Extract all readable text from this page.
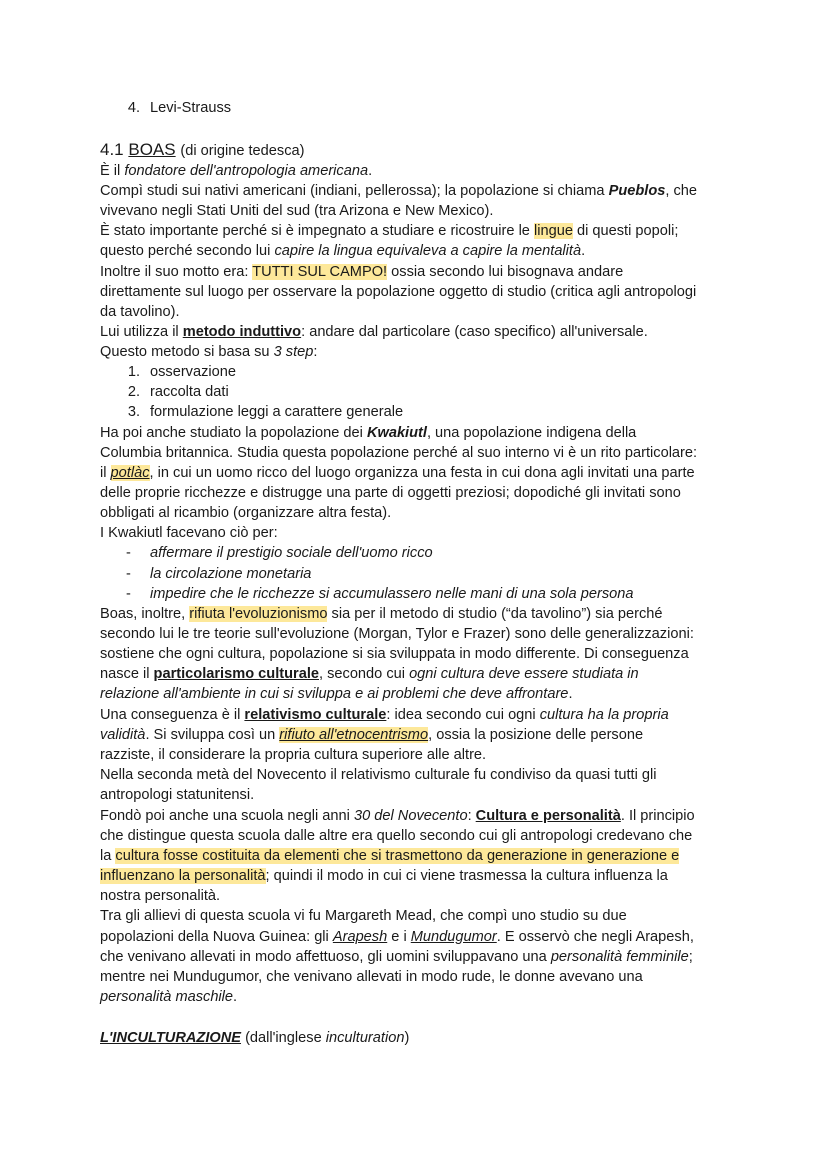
4. Levi-Strauss
4.1 BOAS (di origine tedesca)
È il fondatore dell'antropologia americana.
Compì studi sui nativi americani (indiani, pellerossa); la popolazione si chiama Pueblos, che
vivevano negli Stati Uniti del sud (tra Arizona e New Mexico).
È stato importante perché si è impegnato a studiare e ricostruire le lingue di questi popoli;
questo perché secondo lui capire la lingua equivaleva a capire la mentalità.
Inoltre il suo motto era: TUTTI SUL CAMPO! ossia secondo lui bisognava andare
direttamente sul luogo per osservare la popolazione oggetto di studio (critica agli antropologi
da tavolino).
Lui utilizza il metodo induttivo: andare dal particolare (caso specifico) all'universale.
Questo metodo si basa su 3 step:
1. osservazione
2. raccolta dati
3. formulazione leggi a carattere generale
Ha poi anche studiato la popolazione dei Kwakiutl, una popolazione indigena della
Columbia britannica. Studia questa popolazione perché al suo interno vi è un rito particolare:
il potlàc, in cui un uomo ricco del luogo organizza una festa in cui dona agli invitati una parte
delle proprie ricchezze e distrugge una parte di oggetti preziosi; dopodiché gli invitati sono
obbligati al ricambio (organizzare altra festa).
I Kwakiutl facevano ciò per:
- affermare il prestigio sociale dell'uomo ricco
- la circolazione monetaria
- impedire che le ricchezze si accumulassero nelle mani di una sola persona
Boas, inoltre, rifiuta l'evoluzionismo sia per il metodo di studio (“da tavolino”) sia perché
secondo lui le tre teorie sull'evoluzione (Morgan, Tylor e Frazer) sono delle generalizzazioni:
sostiene che ogni cultura, popolazione si sia sviluppata in modo differente. Di conseguenza
nasce il particolarismo culturale, secondo cui ogni cultura deve essere studiata in
relazione all'ambiente in cui si sviluppa e ai problemi che deve affrontare.
Una conseguenza è il relativismo culturale: idea secondo cui ogni cultura ha la propria
validità. Si sviluppa così un rifiuto all'etnocentrismo, ossia la posizione delle persone
razziste, il considerare la propria cultura superiore alle altre.
Nella seconda metà del Novecento il relativismo culturale fu condiviso da quasi tutti gli
antropologi statunitensi.
Fondò poi anche una scuola negli anni 30 del Novecento: Cultura e personalità. Il principio
che distingue questa scuola dalle altre era quello secondo cui gli antropologi credevano che
la cultura fosse costituita da elementi che si trasmettono da generazione in generazione e
influenzano la personalità; quindi il modo in cui ci viene trasmessa la cultura influenza la
nostra personalità.
Tra gli allievi di questa scuola vi fu Margareth Mead, che compì uno studio su due
popolazioni della Nuova Guinea: gli Arapesh e i Mundugumor. E osservò che negli Arapesh,
che venivano allevati in modo affettuoso, gli uomini sviluppavano una personalità femminile;
mentre nei Mundugumor, che venivano allevati in modo rude, le donne avevano una
personalità maschile.
L'INCULTURAZIONE (dall'inglese inculturation)
